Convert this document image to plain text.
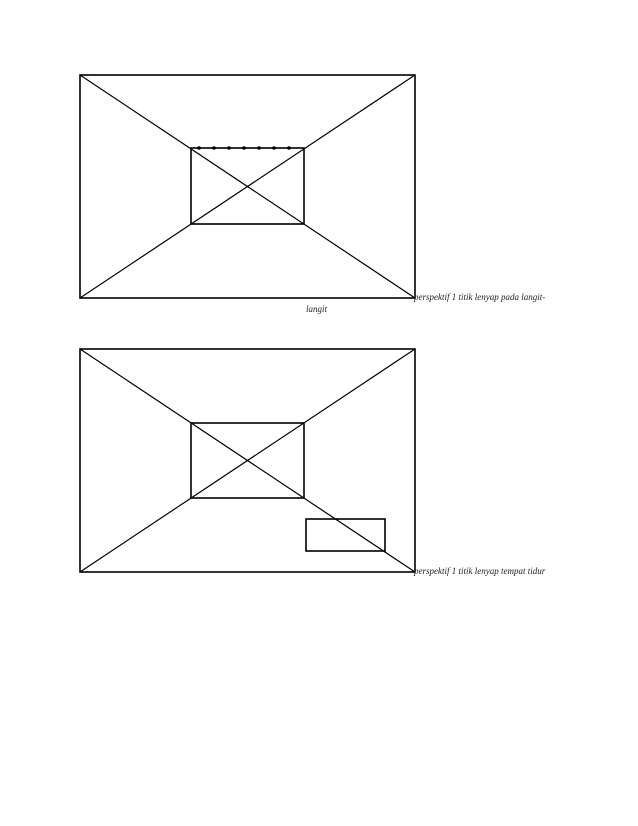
perspektif 1 titik lenyap pada langit-
langit
perspektif 1 titik lenyap tempat tidur
